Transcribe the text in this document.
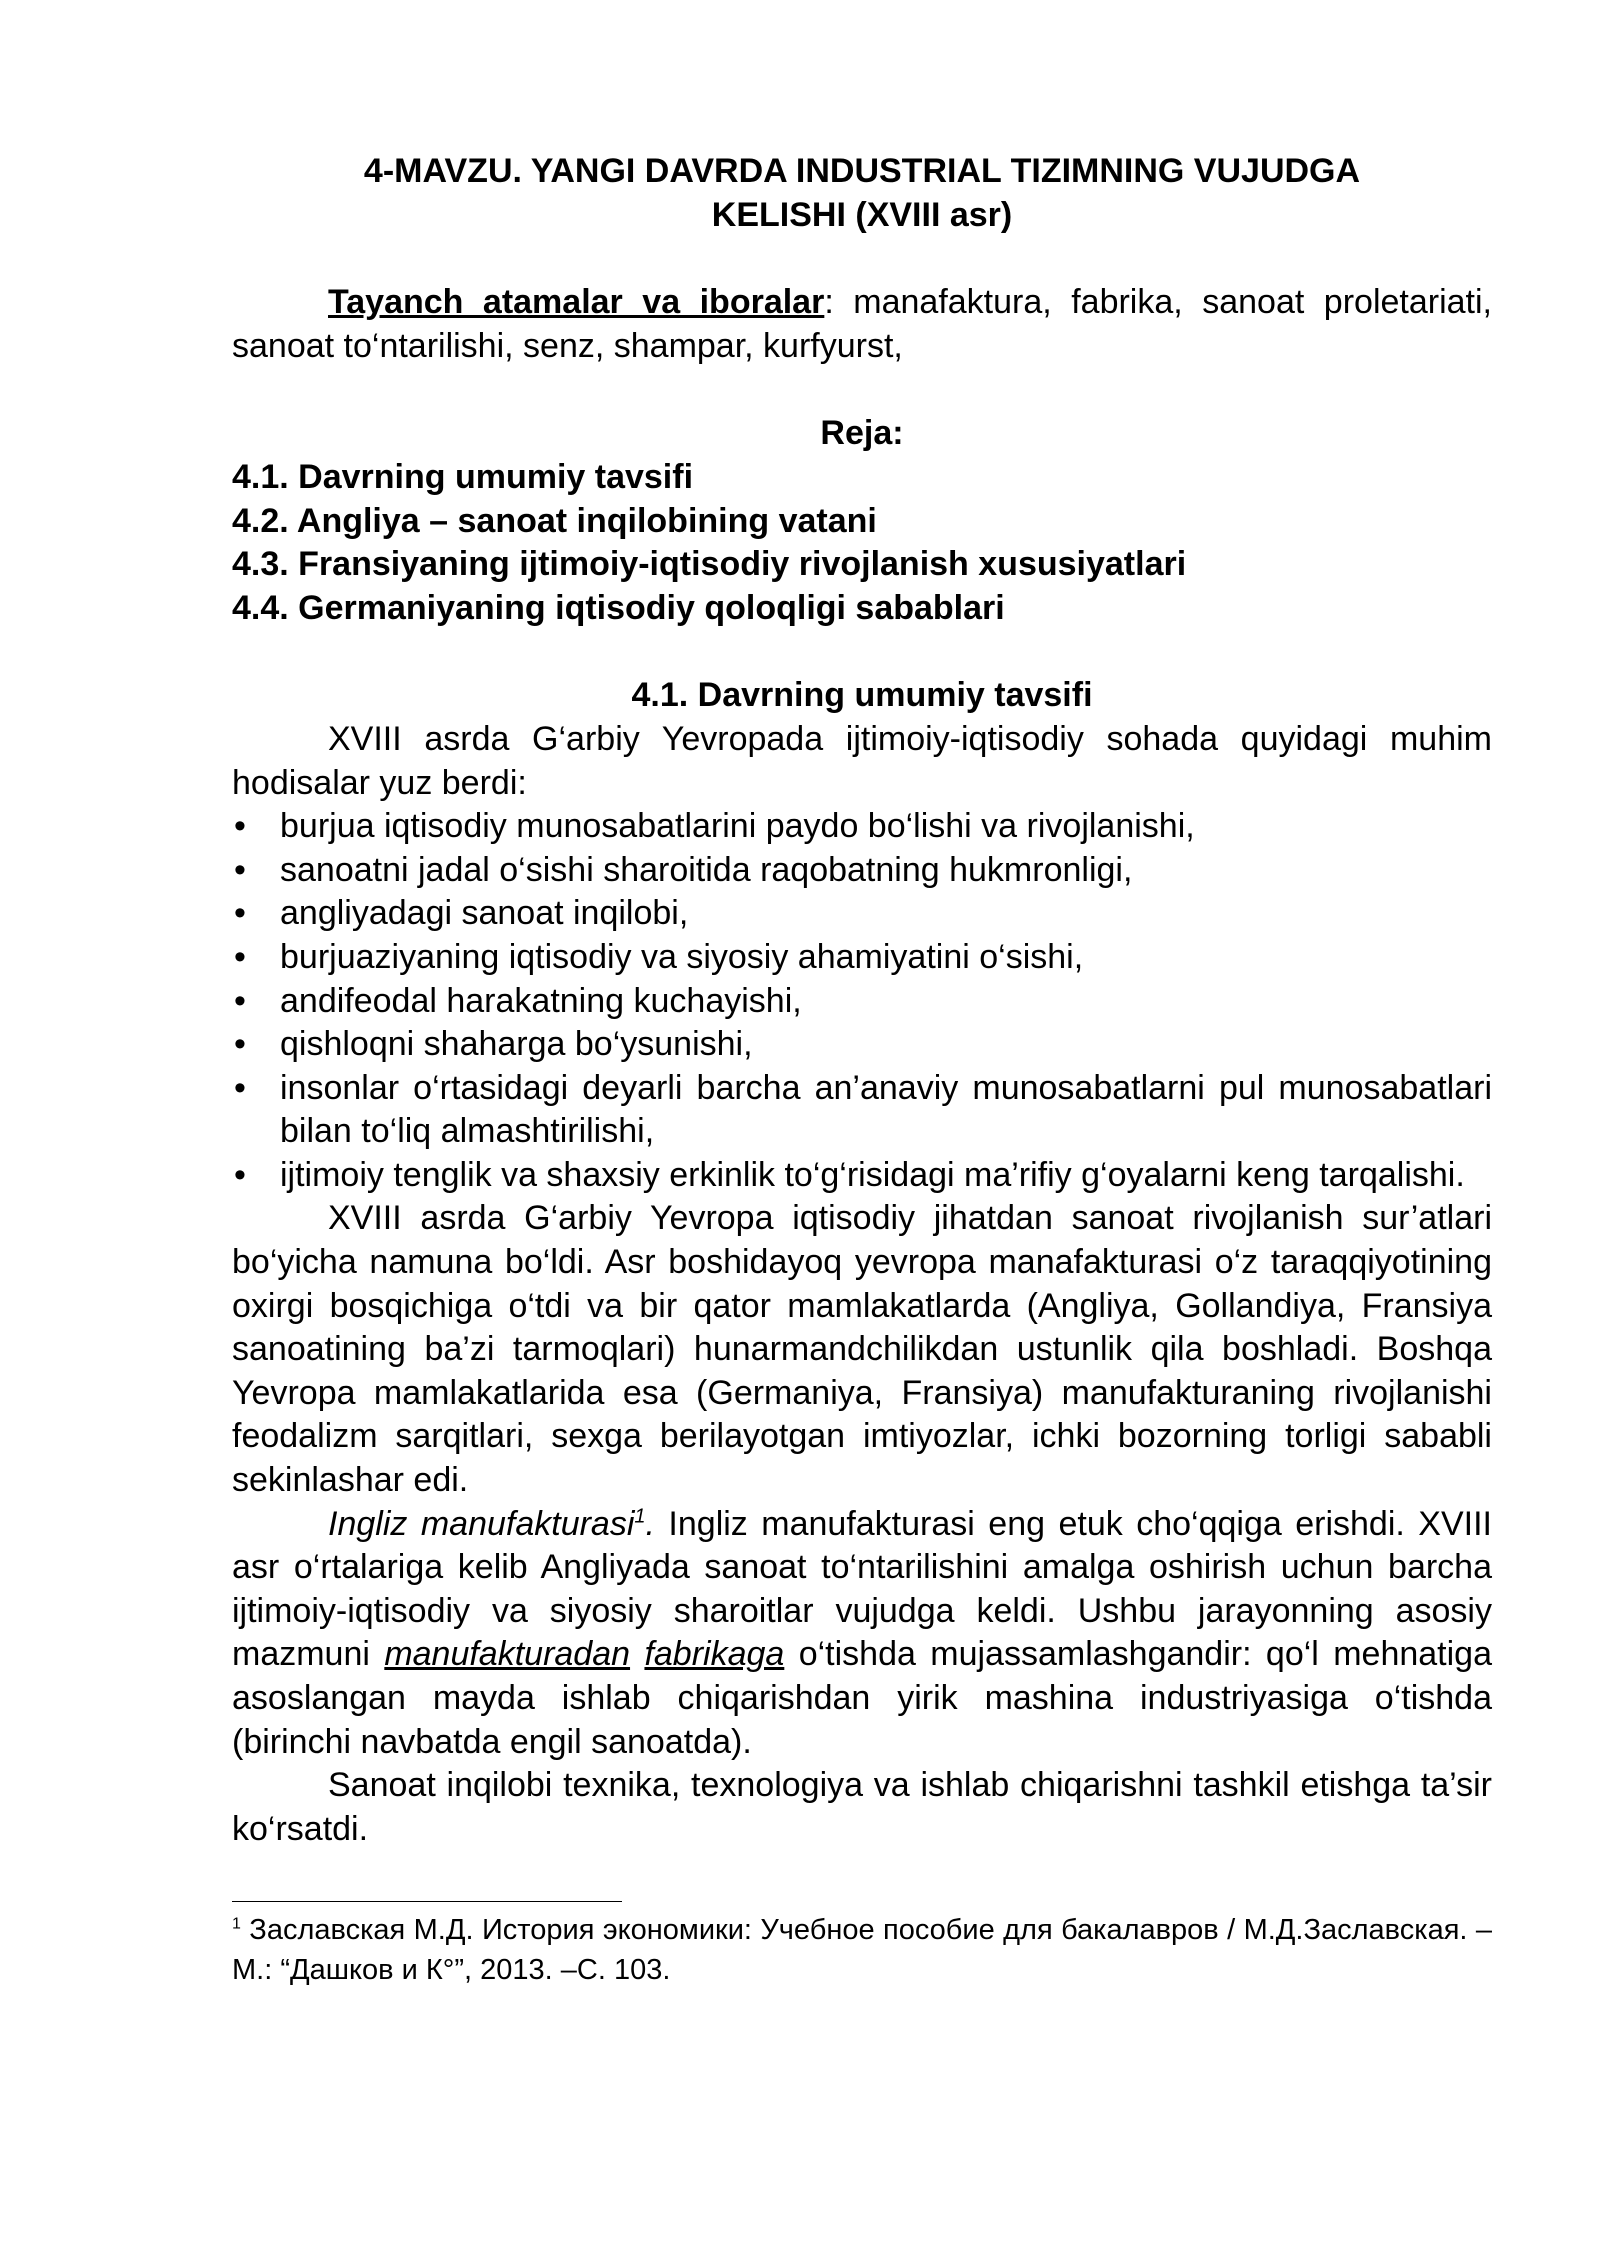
4-MAVZU. YANGI DAVRDA INDUSTRIAL TIZIMNING VUJUDGA
KELISHI (XVIII asr)
Tayanch atamalar va iboralar: manafaktura, fabrika, sanoat proletariati, sanoat to‘ntarilishi, senz, shampar, kurfyurst,
Reja:
4.1. Davrning umumiy tavsifi
4.2. Angliya – sanoat inqilobining vatani
4.3. Fransiyaning ijtimoiy-iqtisodiy rivojlanish xususiyatlari
4.4. Germaniyaning iqtisodiy qoloqligi sabablari
4.1. Davrning umumiy tavsifi

XVIII asrda G‘arbiy Yevropada ijtimoiy-iqtisodiy sohada quyidagi muhim hodisalar yuz berdi:

• burjua iqtisodiy munosabatlarini paydo bo‘lishi va rivojlanishi,
• sanoatni jadal o‘sishi sharoitida raqobatning hukmronligi,
• angliyadagi sanoat inqilobi,
• burjuaziyaning iqtisodiy va siyosiy ahamiyatini o‘sishi,
• andifeodal harakatning kuchayishi,
• qishloqni shaharga bo‘ysunishi,
• insonlar o‘rtasidagi deyarli barcha an’anaviy munosabatlarni pul munosabatlari bilan to‘liq almashtirilishi,
• ijtimoiy tenglik va shaxsiy erkinlik to‘g‘risidagi ma’rifiy g‘oyalarni keng tarqalishi.

XVIII asrda G‘arbiy Yevropa iqtisodiy jihatdan sanoat rivojlanish sur’atlari bo‘yicha namuna bo‘ldi. Asr boshidayoq yevropa manafakturasi o‘z taraqqiyotining oxirgi bosqichiga o‘tdi va bir qator mamlakatlarda (Angliya, Gollandiya, Fransiya sanoatining ba’zi tarmoqlari) hunarmandchilikdan ustunlik qila boshladi. Boshqa Yevropa mamlakatlarida esa (Germaniya, Fransiya) manufakturaning rivojlanishi feodalizm sarqitlari, sexga berilayotgan imtiyozlar, ichki bozorning torligi sababli sekinlashar edi.

Ingliz manufakturasi$^1$. Ingliz manufakturasi eng etuk cho‘qqiga erishdi. XVIII asr o‘rtalariga kelib Angliyada sanoat to‘ntarilishini amalga oshirish uchun barcha ijtimoiy-iqtisodiy va siyosiy sharoitlar vujudga keldi. Ushbu jarayonning asosiy mazmuni manufakturadan fabrikaga o‘tishda mujassamlashgandir: qo‘l mehnatiga asoslangan mayda ishlab chiqarishdan yirik mashina industriyasiga o‘tishda (birinchi navbatda engil sanoatda).

Sanoat inqilobi texnika, texnologiya va ishlab chiqarishni tashkil etishga ta’sir ko‘rsatdi.

$^1$ Заславская М.Д. История экономики: Учебное пособие для бакалавров / М.Д.Заславская. – М.: “Дашков и К°”, 2013. –С. 103.
